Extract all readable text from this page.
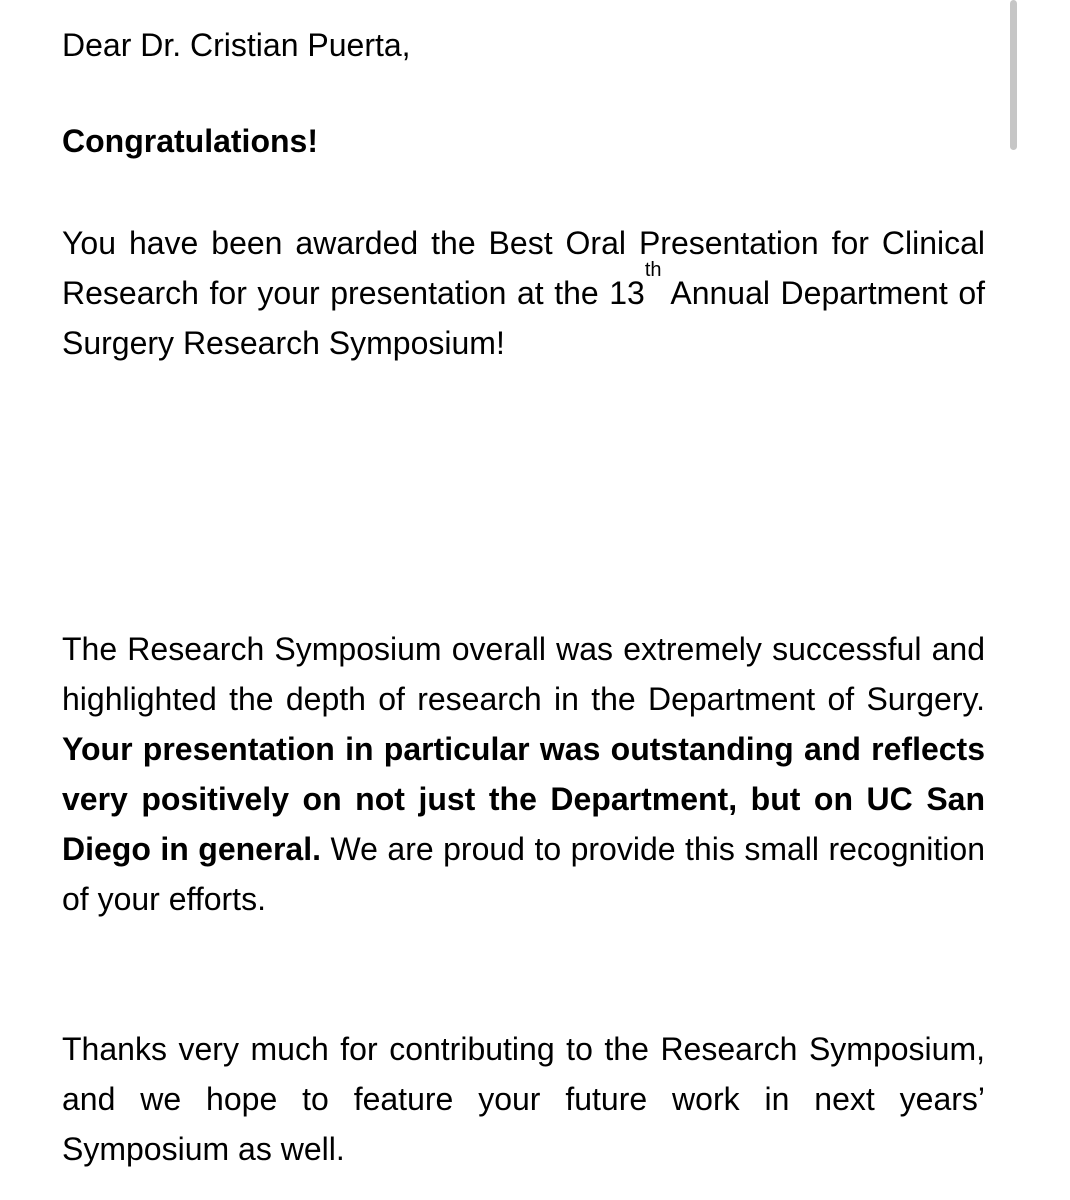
Dear Dr. Cristian Puerta,

Congratulations!

You have been awarded the Best Oral Presentation for Clinical Research for your presentation at the 13th Annual Department of Surgery Research Symposium!

The Research Symposium overall was extremely successful and highlighted the depth of research in the Department of Surgery. Your presentation in particular was outstanding and reflects very positively on not just the Department, but on UC San Diego in general. We are proud to provide this small recognition of your efforts.

Thanks very much for contributing to the Research Symposium, and we hope to feature your future work in next years’ Symposium as well.
